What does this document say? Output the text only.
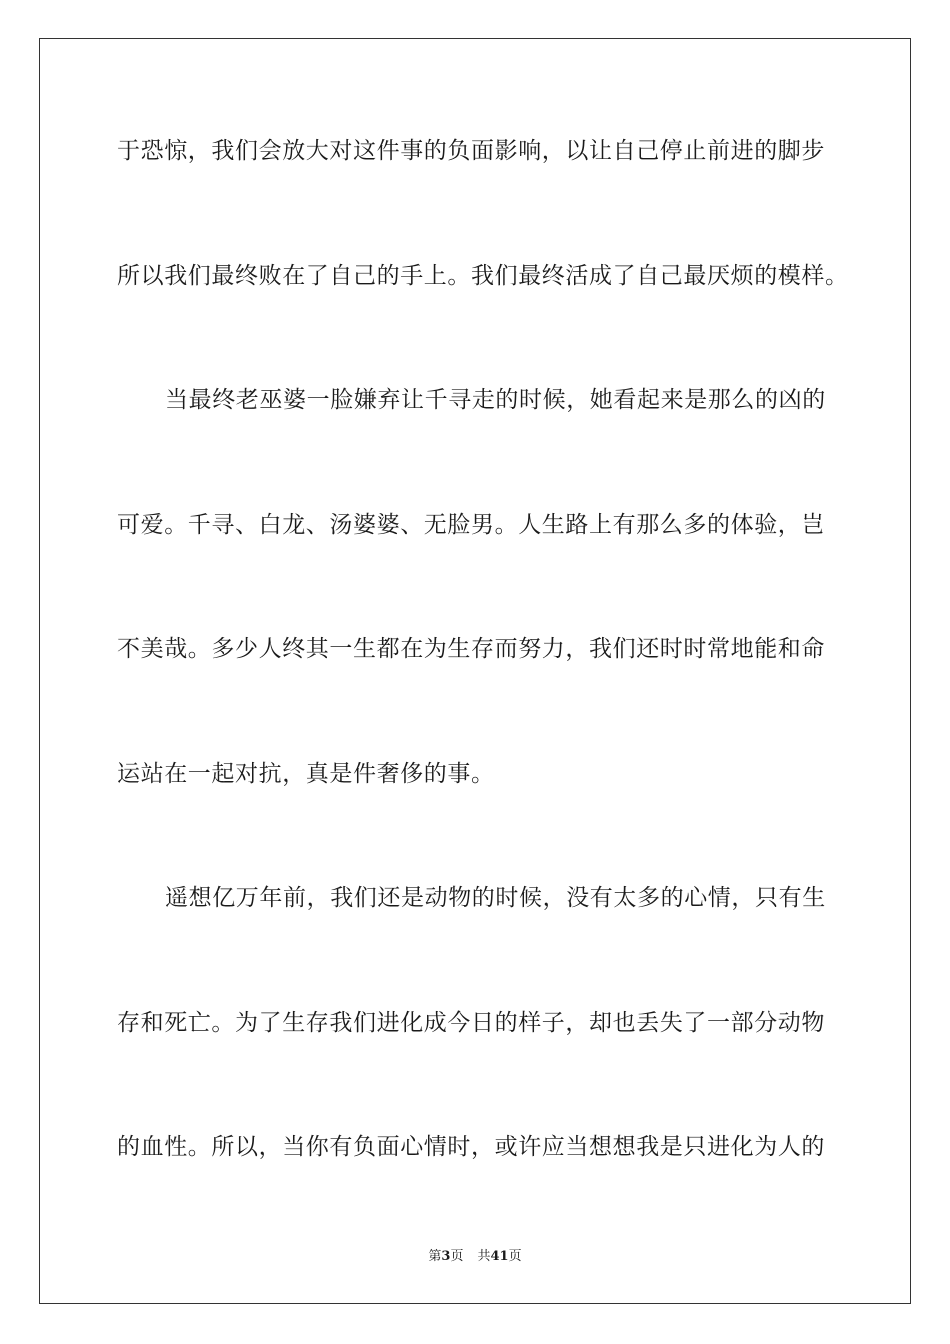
于恐惊，我们会放大对这件事的负面影响，以让自己停止前进的脚步
所以我们最终败在了自己的手上。我们最终活成了自己最厌烦的模样。
当最终老巫婆一脸嫌弃让千寻走的时候，她看起来是那么的凶的
可爱。千寻、白龙、汤婆婆、无脸男。人生路上有那么多的体验，岂
不美哉。多少人终其一生都在为生存而努力，我们还时时常地能和命
运站在一起对抗，真是件奢侈的事。
遥想亿万年前，我们还是动物的时候，没有太多的心情，只有生
存和死亡。为了生存我们进化成今日的样子，却也丢失了一部分动物
的血性。所以，当你有负面心情时，或许应当想想我是只进化为人的
第3页 共41页
